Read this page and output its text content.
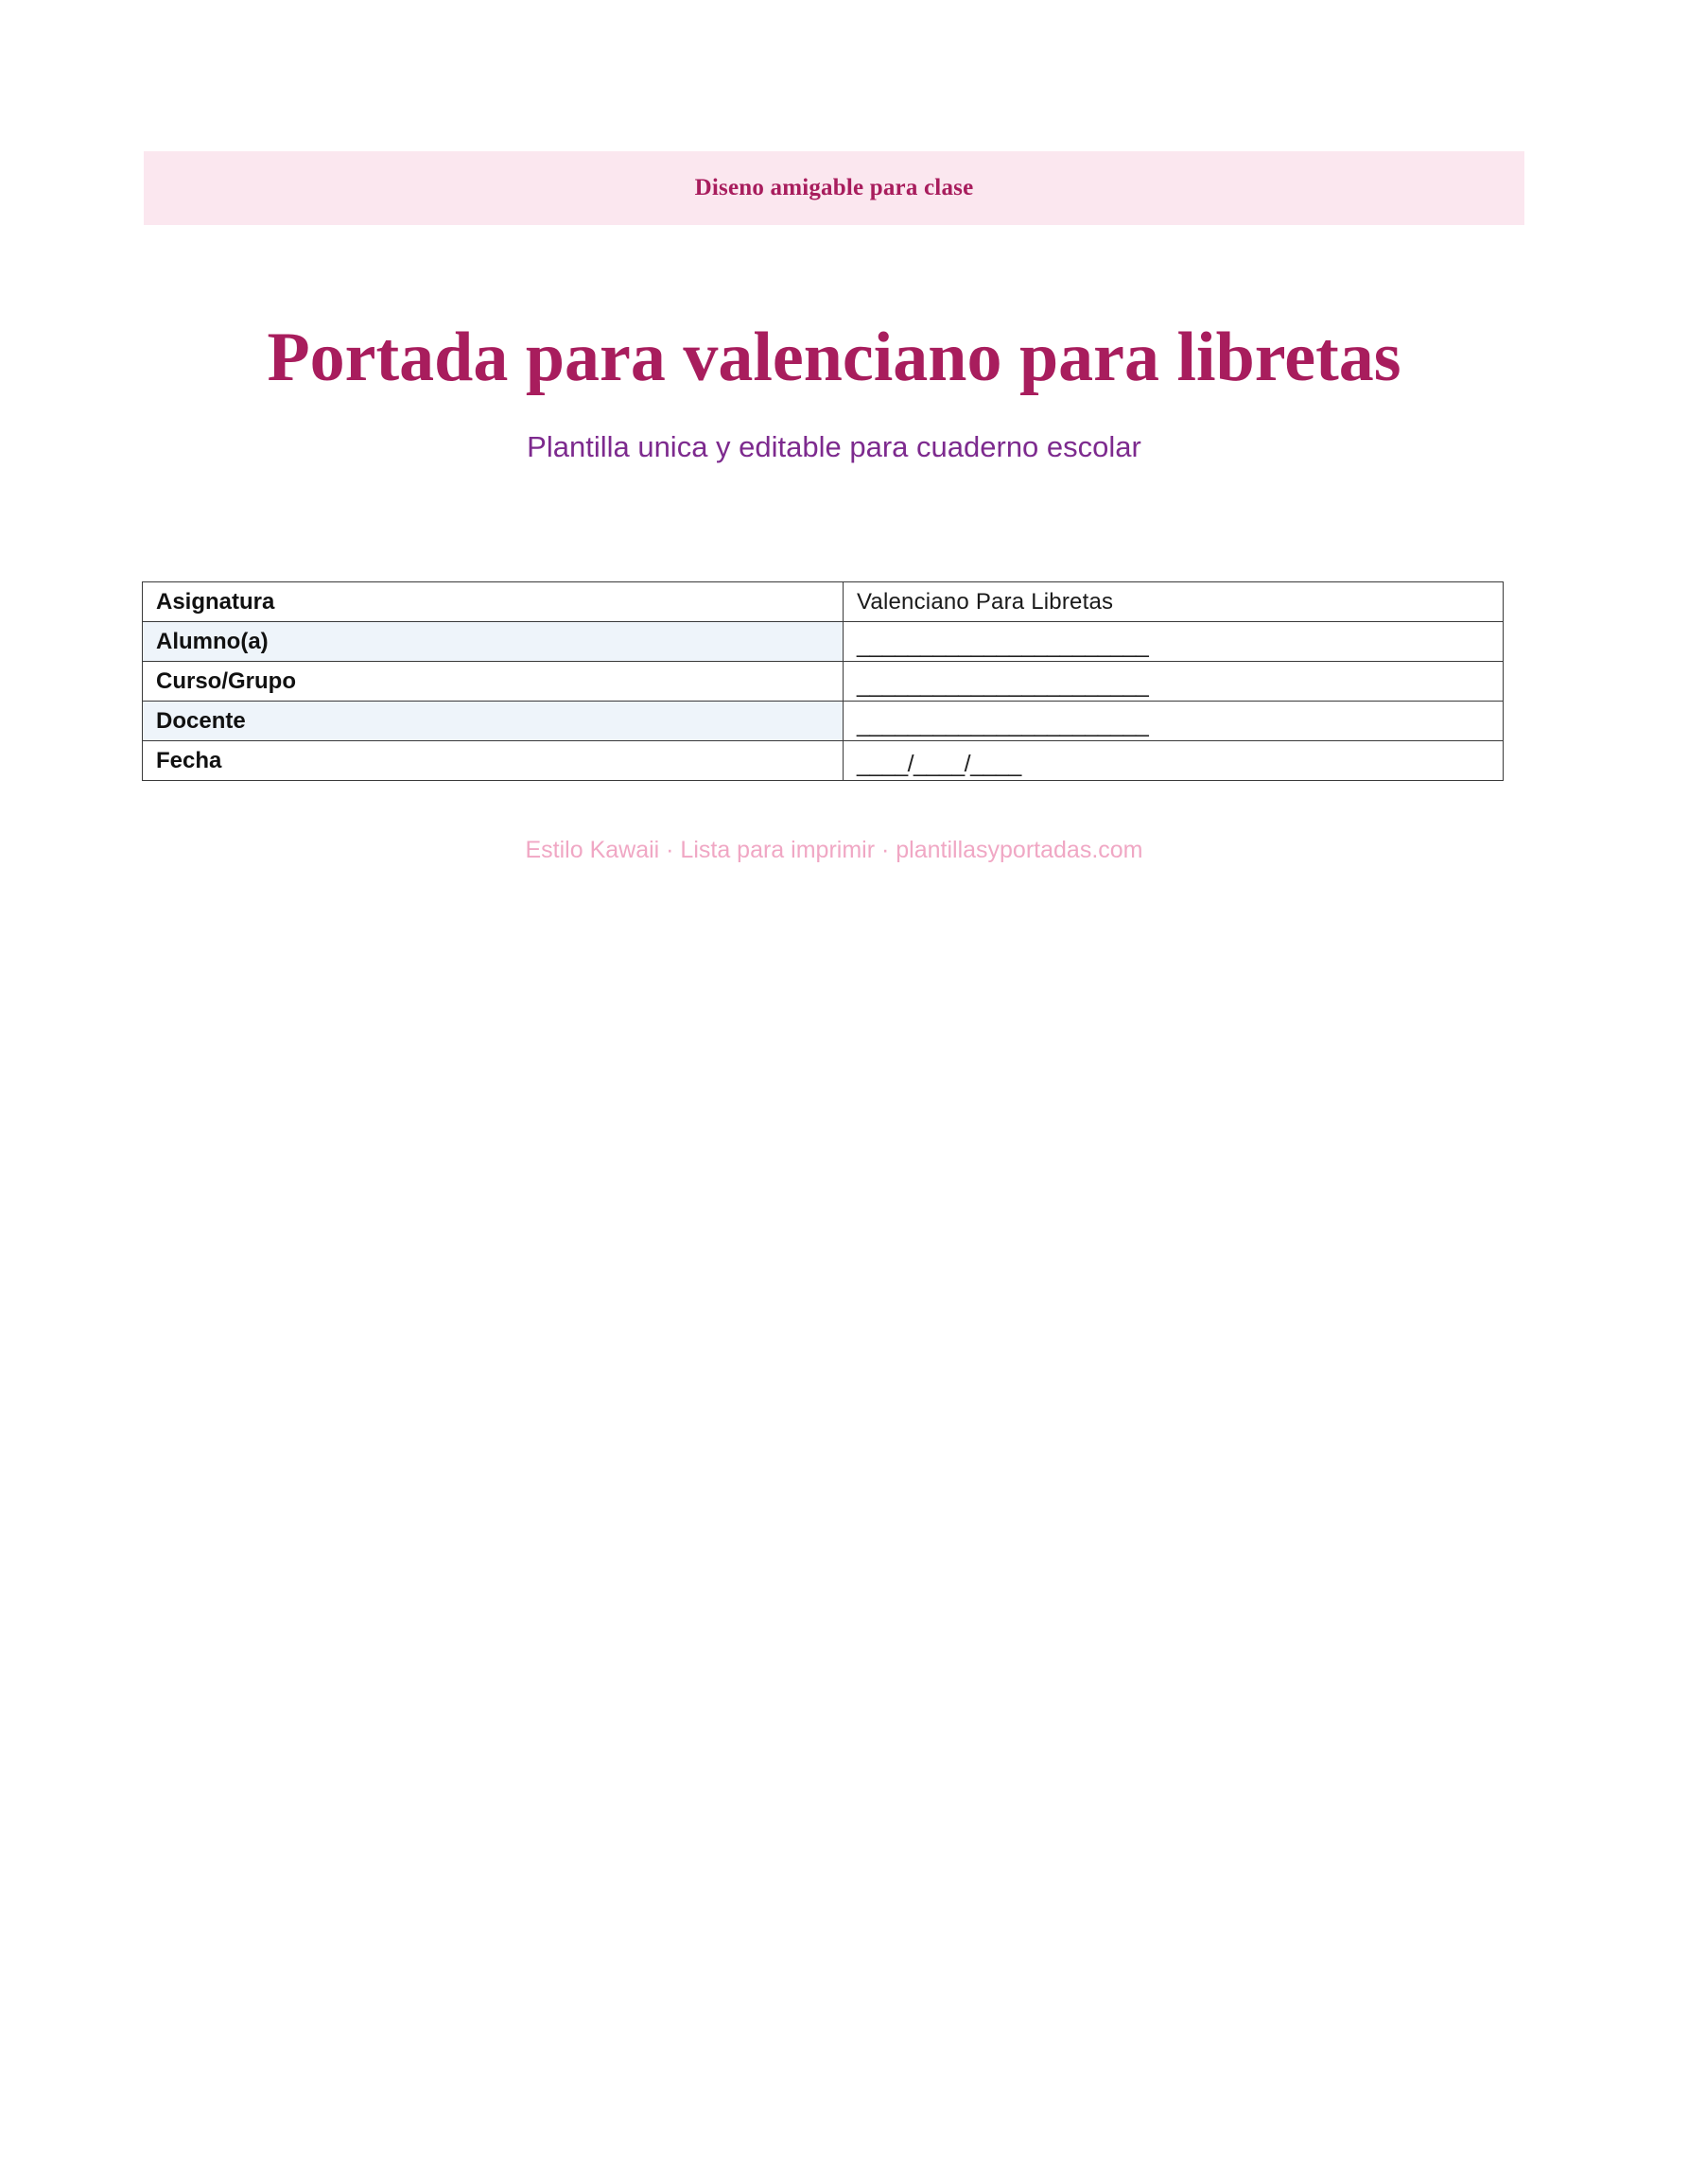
Diseno amigable para clase
Portada para valenciano para libretas
Plantilla unica y editable para cuaderno escolar
Asignatura	Valenciano Para Libretas
Alumno(a)	_______________________
Curso/Grupo	_______________________
Docente	_______________________
Fecha	____/____/____
Estilo Kawaii · Lista para imprimir · plantillasyportadas.com
